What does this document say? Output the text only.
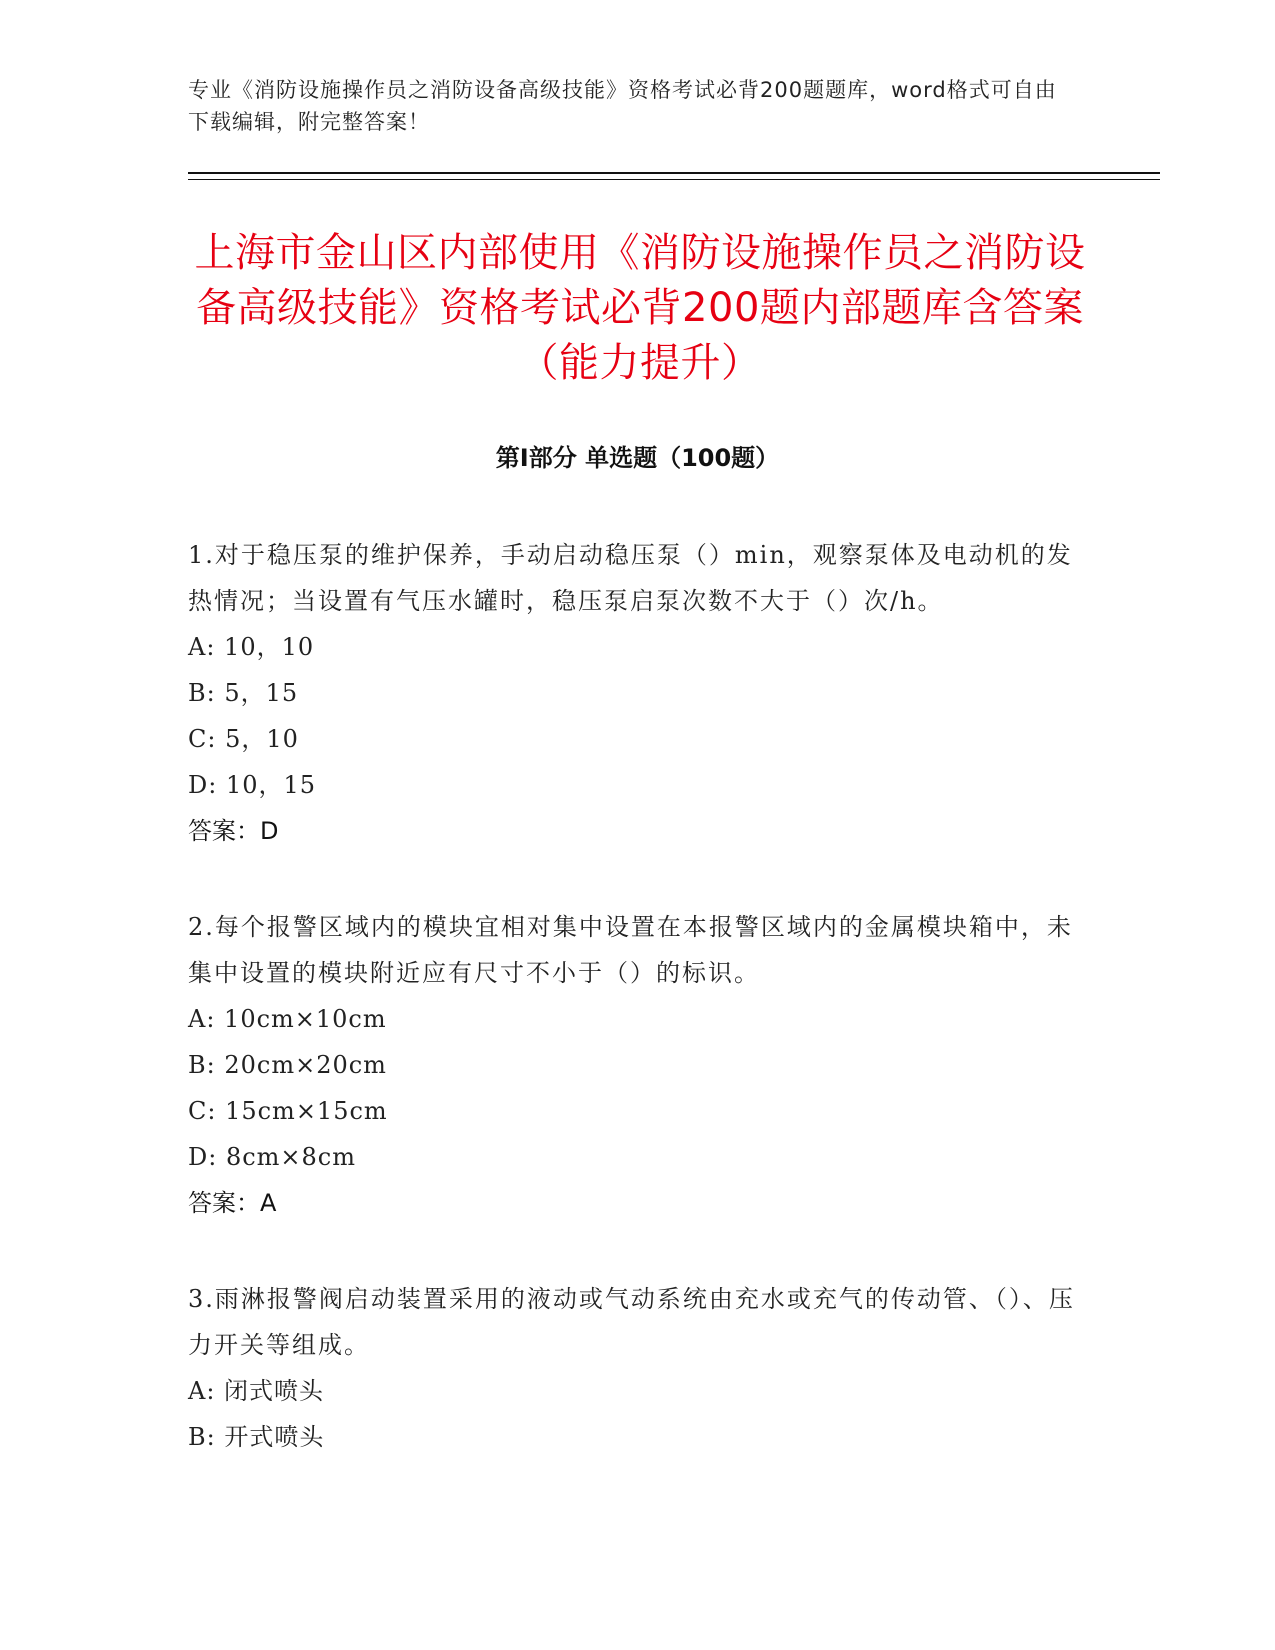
专业《消防设施操作员之消防设备高级技能》资格考试必背200题题库，word格式可自由下载编辑，附完整答案！
上海市金山区内部使用《消防设施操作员之消防设备高级技能》资格考试必背200题内部题库含答案（能力提升）
第I部分 单选题（100题）

1.对于稳压泵的维护保养，手动启动稳压泵（）min，观察泵体及电动机的发热情况；当设置有气压水罐时，稳压泵启泵次数不大于（）次/h。

A: 10，10

B: 5，15

C: 5，10

D: 10，15

答案：D

2.每个报警区域内的模块宜相对集中设置在本报警区域内的金属模块箱中，未集中设置的模块附近应有尺寸不小于（）的标识。

A: 10cm×10cm

B: 20cm×20cm

C: 15cm×15cm

D: 8cm×8cm

答案：A

3.雨淋报警阀启动装置采用的液动或气动系统由充水或充气的传动管、（）、压力开关等组成。

A: 闭式喷头

B: 开式喷头
